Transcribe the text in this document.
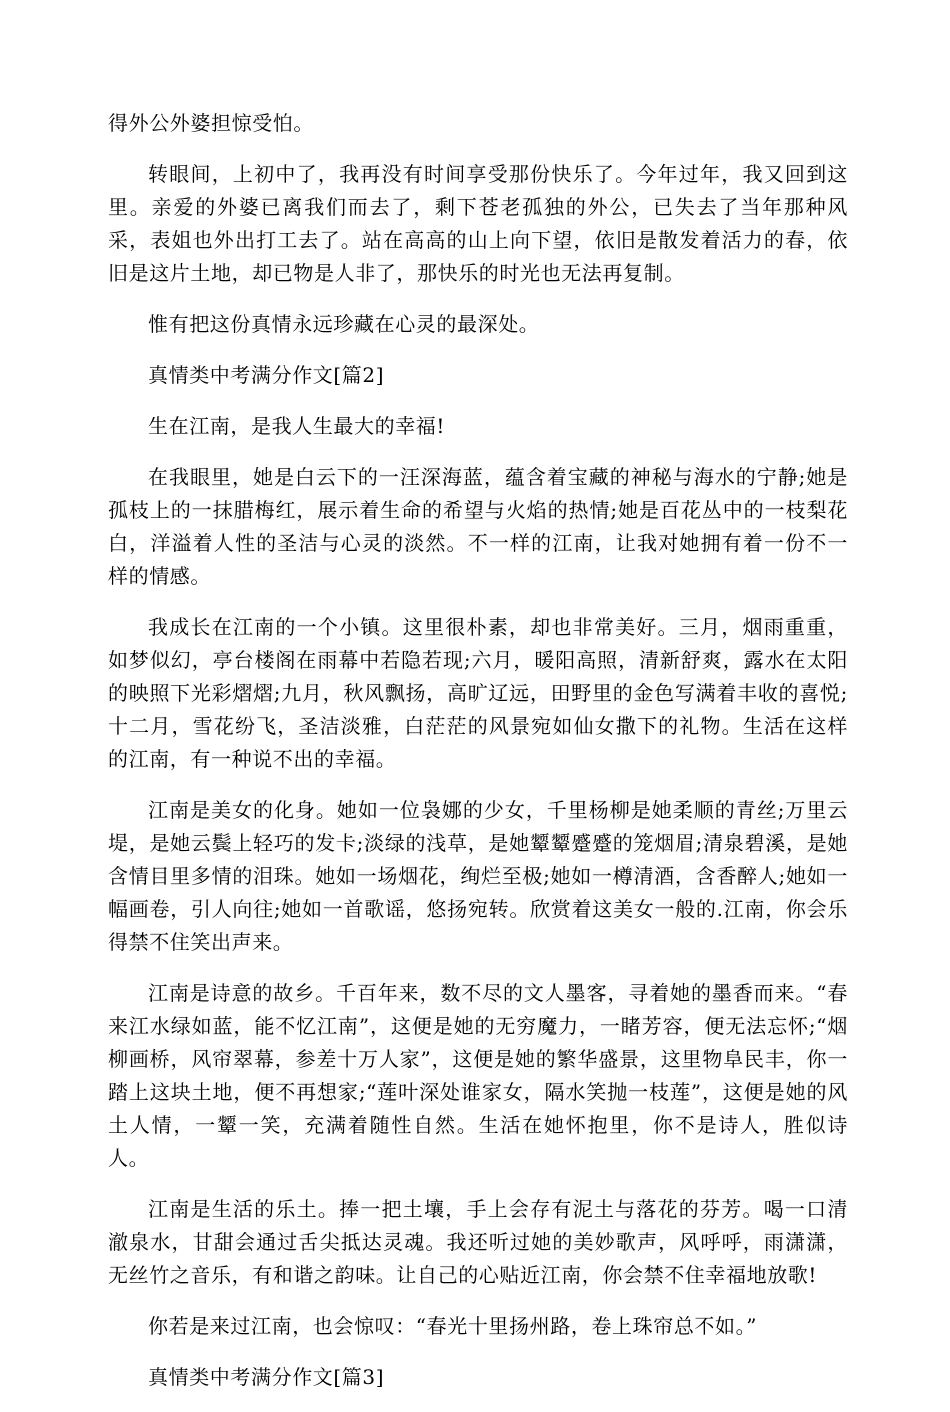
得外公外婆担惊受怕。

转眼间，上初中了，我再没有时间享受那份快乐了。今年过年，我又回到这里。亲爱的外婆已离我们而去了，剩下苍老孤独的外公，已失去了当年那种风采，表姐也外出打工去了。站在高高的山上向下望，依旧是散发着活力的春，依旧是这片土地，却已物是人非了，那快乐的时光也无法再复制。

惟有把这份真情永远珍藏在心灵的最深处。

真情类中考满分作文[篇2]

生在江南，是我人生最大的幸福!

在我眼里，她是白云下的一汪深海蓝，蕴含着宝藏的神秘与海水的宁静;她是孤枝上的一抹腊梅红，展示着生命的希望与火焰的热情;她是百花丛中的一枝梨花白，洋溢着人性的圣洁与心灵的淡然。不一样的江南，让我对她拥有着一份不一样的情感。

我成长在江南的一个小镇。这里很朴素，却也非常美好。三月，烟雨重重，如梦似幻，亭台楼阁在雨幕中若隐若现;六月，暖阳高照，清新舒爽，露水在太阳的映照下光彩熠熠;九月，秋风飘扬，高旷辽远，田野里的金色写满着丰收的喜悦;十二月，雪花纷飞，圣洁淡雅，白茫茫的风景宛如仙女撒下的礼物。生活在这样的江南，有一种说不出的幸福。

江南是美女的化身。她如一位袅娜的少女，千里杨柳是她柔顺的青丝;万里云堤，是她云鬓上轻巧的发卡;淡绿的浅草，是她颦颦蹙蹙的笼烟眉;清泉碧溪，是她含情目里多情的泪珠。她如一场烟花，绚烂至极;她如一樽清酒，含香醉人;她如一幅画卷，引人向往;她如一首歌谣，悠扬宛转。欣赏着这美女一般的.江南，你会乐得禁不住笑出声来。

江南是诗意的故乡。千百年来，数不尽的文人墨客，寻着她的墨香而来。“春来江水绿如蓝，能不忆江南”，这便是她的无穷魔力，一睹芳容，便无法忘怀;“烟柳画桥，风帘翠幕，参差十万人家”，这便是她的繁华盛景，这里物阜民丰，你一踏上这块土地，便不再想家;“莲叶深处谁家女，隔水笑抛一枝莲”，这便是她的风土人情，一颦一笑，充满着随性自然。生活在她怀抱里，你不是诗人，胜似诗人。

江南是生活的乐土。捧一把土壤，手上会存有泥土与落花的芬芳。喝一口清澈泉水，甘甜会通过舌尖抵达灵魂。我还听过她的美妙歌声，风呼呼，雨潇潇，无丝竹之音乐，有和谐之韵味。让自己的心贴近江南，你会禁不住幸福地放歌!

你若是来过江南，也会惊叹：“春光十里扬州路，卷上珠帘总不如。”

真情类中考满分作文[篇3]
